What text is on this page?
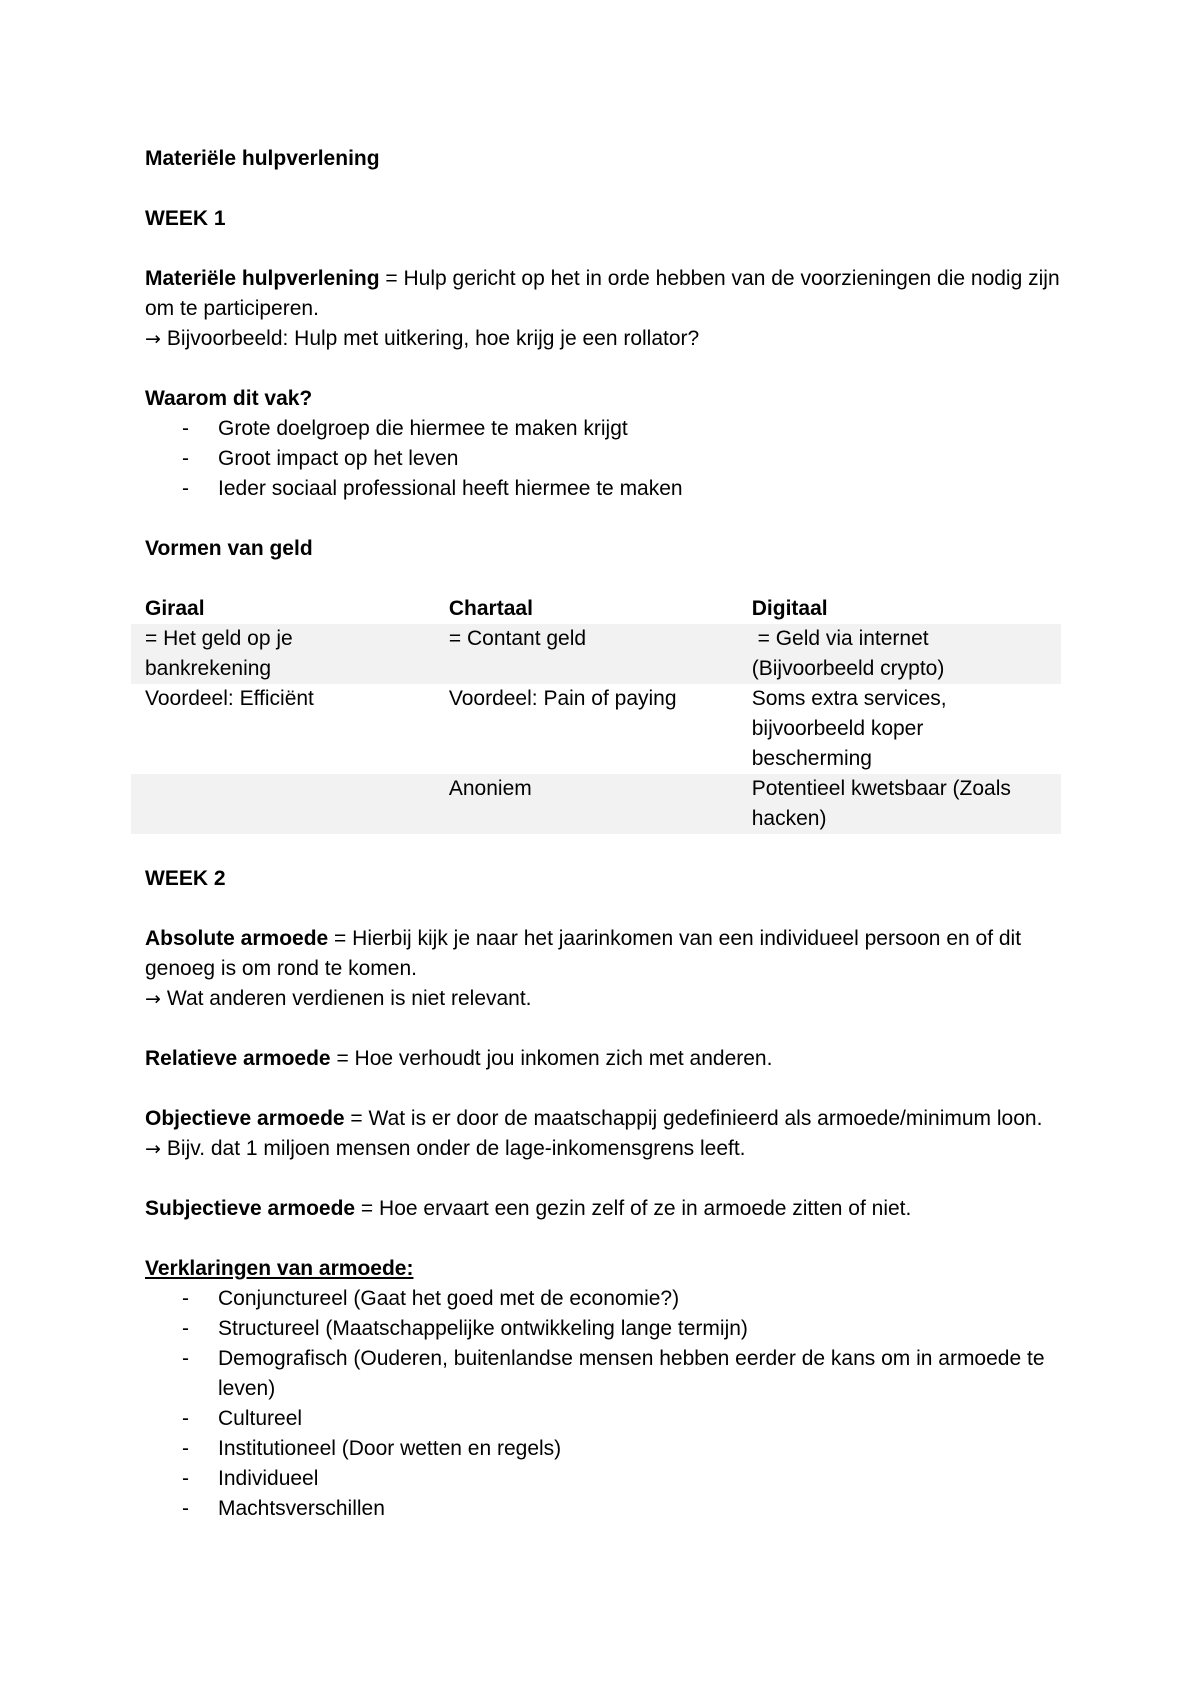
Materiële hulpverlening

WEEK 1

Materiële hulpverlening = Hulp gericht op het in orde hebben van de voorzieningen die nodig zijn om te participeren.

→ Bijvoorbeeld: Hulp met uitkering, hoe krijg je een rollator?

Waarom dit vak?

- Grote doelgroep die hiermee te maken krijgt
- Groot impact op het leven
- Ieder sociaal professional heeft hiermee te maken

Vormen van geld

Giraal	Chartaal	Digitaal
= Het geld op je bankrekening	= Contant geld	= Geld via internet (Bijvoorbeeld crypto)
Voordeel: Efficiënt	Voordeel: Pain of paying	Soms extra services, bijvoorbeeld koper bescherming
	Anoniem	Potentieel kwetsbaar (Zoals hacken)

WEEK 2

Absolute armoede = Hierbij kijk je naar het jaarinkomen van een individueel persoon en of dit genoeg is om rond te komen.

→ Wat anderen verdienen is niet relevant.

Relatieve armoede = Hoe verhoudt jou inkomen zich met anderen.

Objectieve armoede = Wat is er door de maatschappij gedefinieerd als armoede/minimum loon.

→ Bijv. dat 1 miljoen mensen onder de lage-inkomensgrens leeft.

Subjectieve armoede = Hoe ervaart een gezin zelf of ze in armoede zitten of niet.

Verklaringen van armoede:

- Conjunctureel (Gaat het goed met de economie?)
- Structureel (Maatschappelijke ontwikkeling lange termijn)
- Demografisch (Ouderen, buitenlandse mensen hebben eerder de kans om in armoede te leven)
- Cultureel
- Institutioneel (Door wetten en regels)
- Individueel
- Machtsverschillen
